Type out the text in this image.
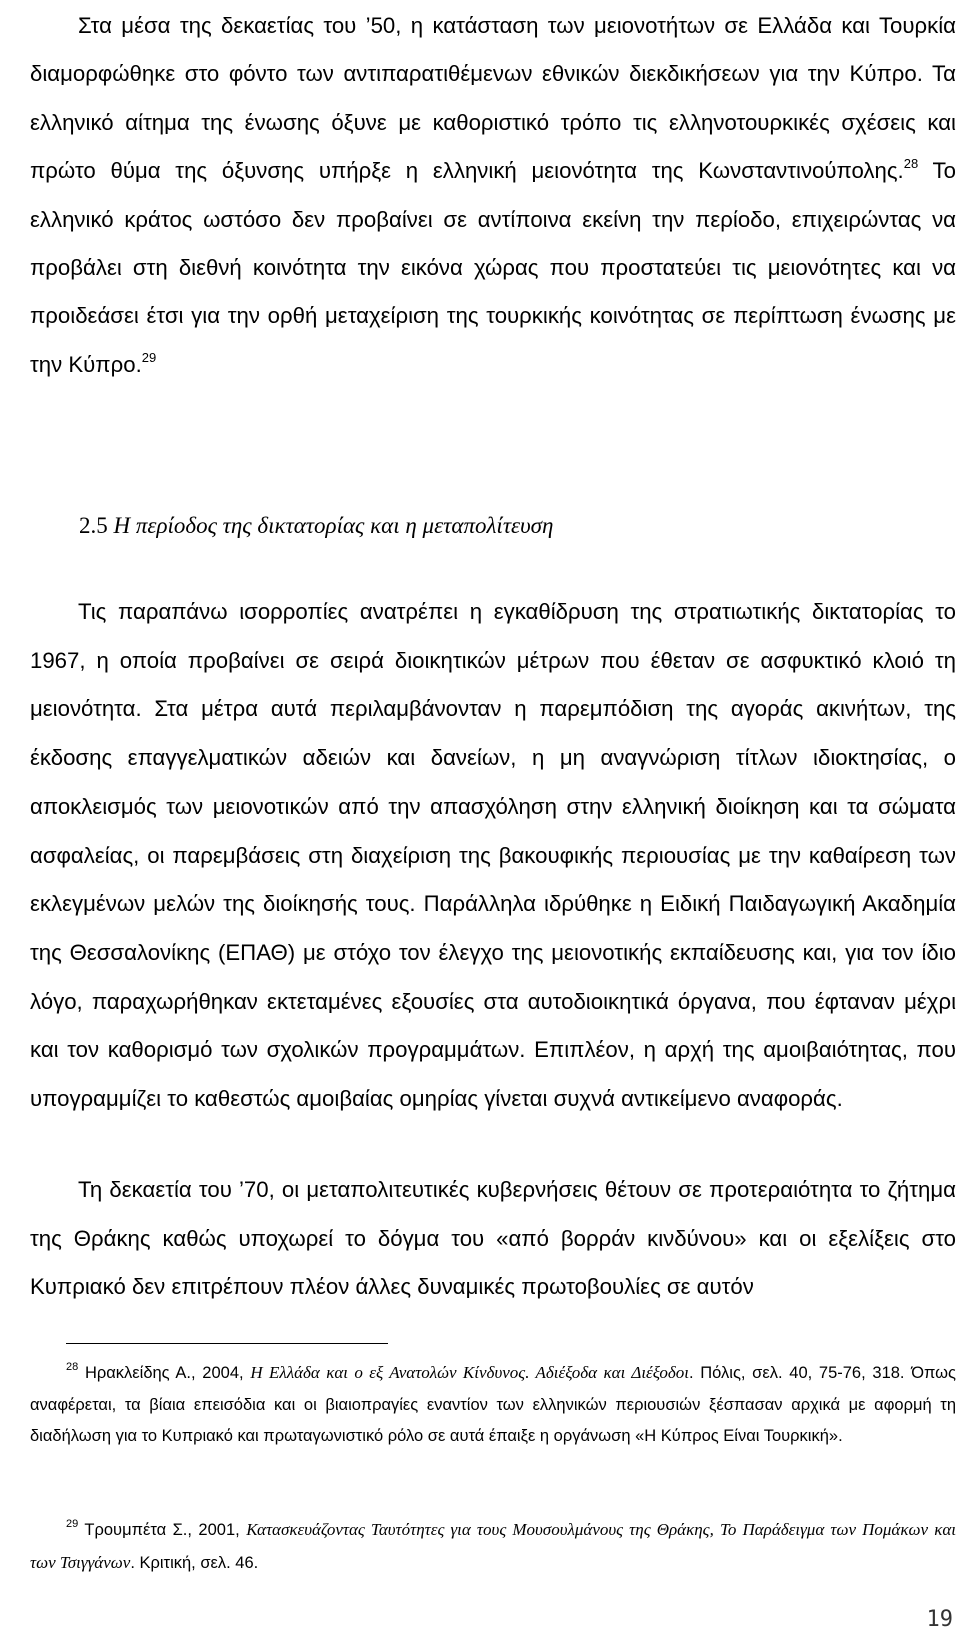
Στα μέσα της δεκαετίας του ’50, η κατάσταση των μειονοτήτων σε Ελλάδα και Τουρκία διαμορφώθηκε στο φόντο των αντιπαρατιθέμενων εθνικών διεκδικήσεων για την Κύπρο. Τα ελληνικό αίτημα της ένωσης όξυνε με καθοριστικό τρόπο τις ελληνοτουρκικές σχέσεις και πρώτο θύμα της όξυνσης υπήρξε η ελληνική μειονότητα της Κωνσταντινούπολης.$^{28}$ Το ελληνικό κράτος ωστόσο δεν προβαίνει σε αντίποινα εκείνη την περίοδο, επιχειρώντας να προβάλει στη διεθνή κοινότητα την εικόνα χώρας που προστατεύει τις μειονότητες και να προιδεάσει έτσι για την ορθή μεταχείριση της τουρκικής κοινότητας σε περίπτωση ένωσης με την Κύπρο.$^{29}$

2.5 Η περίοδος της δικτατορίας και η μεταπολίτευση

Τις παραπάνω ισορροπίες ανατρέπει η εγκαθίδρυση της στρατιωτικής δικτατορίας το 1967, η οποία προβαίνει σε σειρά διοικητικών μέτρων που έθεταν σε ασφυκτικό κλοιό τη μειονότητα. Στα μέτρα αυτά περιλαμβάνονταν η παρεμπόδιση της αγοράς ακινήτων, της έκδοσης επαγγελματικών αδειών και δανείων, η μη αναγνώριση τίτλων ιδιοκτησίας, ο αποκλεισμός των μειονοτικών από την απασχόληση στην ελληνική διοίκηση και τα σώματα ασφαλείας, οι παρεμβάσεις στη διαχείριση της βακουφικής περιουσίας με την καθαίρεση των εκλεγμένων μελών της διοίκησής τους. Παράλληλα ιδρύθηκε η Ειδική Παιδαγωγική Ακαδημία της Θεσσαλονίκης (ΕΠΑΘ) με στόχο τον έλεγχο της μειονοτικής εκπαίδευσης και, για τον ίδιο λόγο, παραχωρήθηκαν εκτεταμένες εξουσίες στα αυτοδιοικητικά όργανα, που έφταναν μέχρι και τον καθορισμό των σχολικών προγραμμάτων. Επιπλέον, η αρχή της αμοιβαιότητας, που υπογραμμίζει το καθεστώς αμοιβαίας ομηρίας γίνεται συχνά αντικείμενο αναφοράς.

Τη δεκαετία του ’70, οι μεταπολιτευτικές κυβερνήσεις θέτουν σε προτεραιότητα το ζήτημα της Θράκης καθώς υποχωρεί το δόγμα του «από βορράν κινδύνου» και οι εξελίξεις στο Κυπριακό δεν επιτρέπουν πλέον άλλες δυναμικές πρωτοβουλίες σε αυτόν

$^{28}$ Ηρακλείδης Α., 2004, Η Ελλάδα και ο εξ Ανατολών Κίνδυνος. Αδιέξοδα και Διέξοδοι. Πόλις, σελ. 40, 75-76, 318. Όπως αναφέρεται, τα βίαια επεισόδια και οι βιαιοπραγίες εναντίον των ελληνικών περιουσιών ξέσπασαν αρχικά με αφορμή τη διαδήλωση για το Κυπριακό και πρωταγωνιστικό ρόλο σε αυτά έπαιξε η οργάνωση «Η Κύπρος Είναι Τουρκική».

$^{29}$ Τρουμπέτα Σ., 2001, Κατασκευάζοντας Ταυτότητες για τους Μουσουλμάνους της Θράκης, Το Παράδειγμα των Πομάκων και των Τσιγγάνων. Κριτική, σελ. 46.

19
